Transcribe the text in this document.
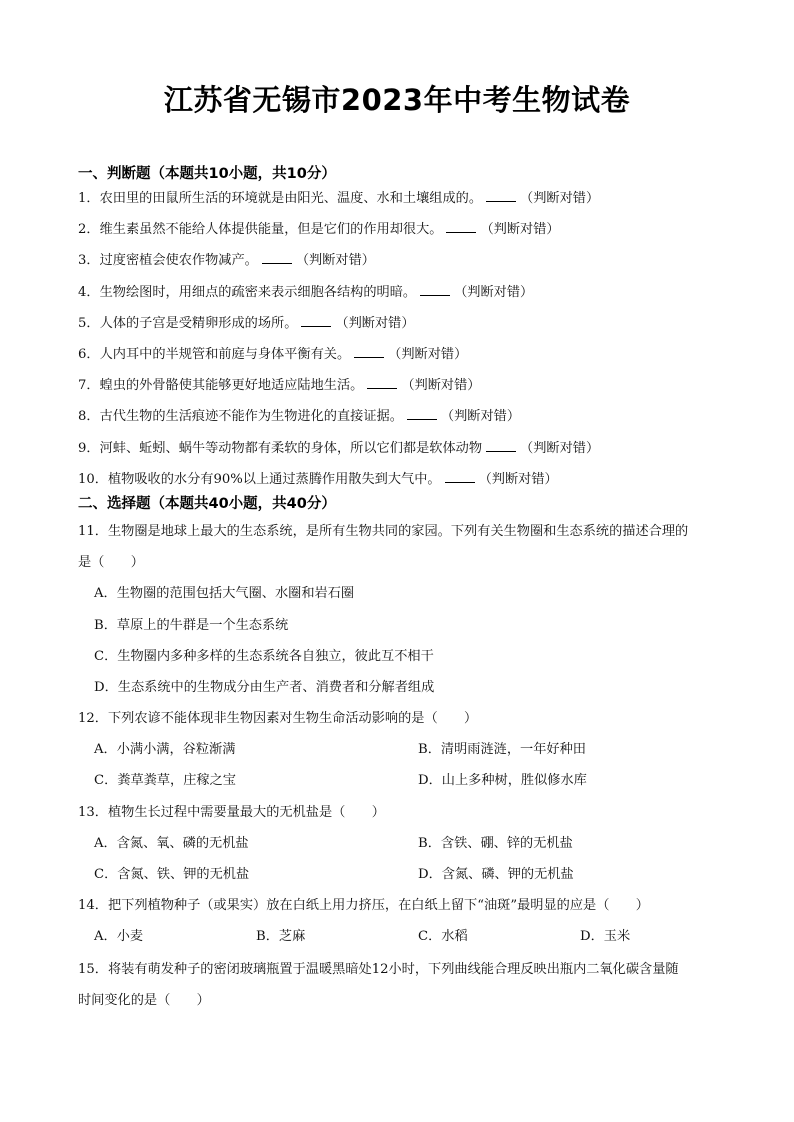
江苏省无锡市2023年中考生物试卷
一、判断题（本题共10小题，共10分）
1．农田里的田鼠所生活的环境就是由阳光、温度、水和土壤组成的。	（判断对错）
2．维生素虽然不能给人体提供能量，但是它们的作用却很大。	（判断对错）
3．过度密植会使农作物减产。	（判断对错）
4．生物绘图时，用细点的疏密来表示细胞各结构的明暗。	（判断对错）
5．人体的子宫是受精卵形成的场所。	（判断对错）
6．人内耳中的半规管和前庭与身体平衡有关。	（判断对错）
7．蝗虫的外骨骼使其能够更好地适应陆地生活。	（判断对错）
8．古代生物的生活痕迹不能作为生物进化的直接证据。	（判断对错）
9．河蚌、蚯蚓、蜗牛等动物都有柔软的身体，所以它们都是软体动物	（判断对错）
10．植物吸收的水分有90%以上通过蒸腾作用散失到大气中。	（判断对错）
二、选择题（本题共40小题，共40分）
11．生物圈是地球上最大的生态系统，是所有生物共同的家园。下列有关生物圈和生态系统的描述合理的
是（　　）
A．生物圈的范围包括大气圈、水圈和岩石圈
B．草原上的牛群是一个生态系统
C．生物圈内多种多样的生态系统各自独立，彼此互不相干
D．生态系统中的生物成分由生产者、消费者和分解者组成
12．下列农谚不能体现非生物因素对生物生命活动影响的是（　　）
A．小满小满，谷粒渐满	B．清明雨涟涟，一年好种田
C．粪草粪草，庄稼之宝	D．山上多种树，胜似修水库
13．植物生长过程中需要量最大的无机盐是（　　）
A．含氮、氧、磷的无机盐	B．含铁、硼、锌的无机盐
C．含氮、铁、钾的无机盐	D．含氮、磷、钾的无机盐
14．把下列植物种子（或果实）放在白纸上用力挤压，在白纸上留下“油斑”最明显的应是（　　）
A．小麦	B．芝麻	C．水稻	D．玉米
15．将装有萌发种子的密闭玻璃瓶置于温暖黑暗处12小时，下列曲线能合理反映出瓶内二氧化碳含量随
时间变化的是（　　）
